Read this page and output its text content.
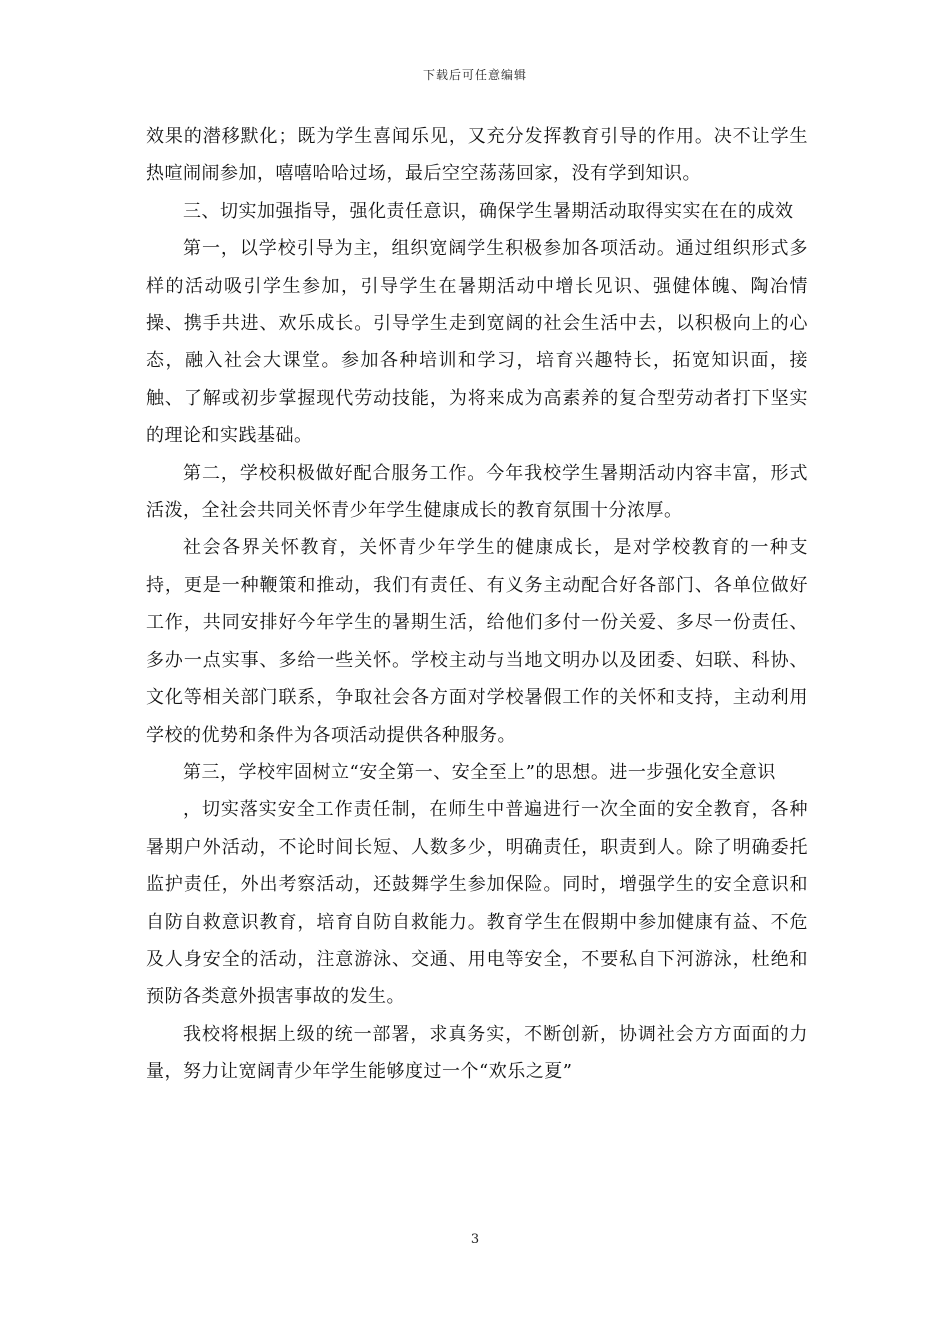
下载后可任意编辑

效果的潜移默化；既为学生喜闻乐见，又充分发挥教育引导的作用。决不让学生热喧闹闹参加，嘻嘻哈哈过场，最后空空荡荡回家，没有学到知识。

三、切实加强指导，强化责任意识，确保学生暑期活动取得实实在在的成效

第一，以学校引导为主，组织宽阔学生积极参加各项活动。通过组织形式多样的活动吸引学生参加，引导学生在暑期活动中增长见识、强健体魄、陶冶情操、携手共进、欢乐成长。引导学生走到宽阔的社会生活中去，以积极向上的心态，融入社会大课堂。参加各种培训和学习，培育兴趣特长，拓宽知识面，接触、了解或初步掌握现代劳动技能，为将来成为高素养的复合型劳动者打下坚实的理论和实践基础。

第二，学校积极做好配合服务工作。今年我校学生暑期活动内容丰富，形式活泼，全社会共同关怀青少年学生健康成长的教育氛围十分浓厚。

社会各界关怀教育，关怀青少年学生的健康成长，是对学校教育的一种支持，更是一种鞭策和推动，我们有责任、有义务主动配合好各部门、各单位做好工作，共同安排好今年学生的暑期生活，给他们多付一份关爱、多尽一份责任、多办一点实事、多给一些关怀。学校主动与当地文明办以及团委、妇联、科协、文化等相关部门联系，争取社会各方面对学校暑假工作的关怀和支持，主动利用学校的优势和条件为各项活动提供各种服务。

第三，学校牢固树立“安全第一、安全至上”的思想。进一步强化安全意识

，切实落实安全工作责任制，在师生中普遍进行一次全面的安全教育，各种暑期户外活动，不论时间长短、人数多少，明确责任，职责到人。除了明确委托监护责任，外出考察活动，还鼓舞学生参加保险。同时，增强学生的安全意识和自防自救意识教育，培育自防自救能力。教育学生在假期中参加健康有益、不危及人身安全的活动，注意游泳、交通、用电等安全，不要私自下河游泳，杜绝和预防各类意外损害事故的发生。

我校将根据上级的统一部署，求真务实，不断创新，协调社会方方面面的力量，努力让宽阔青少年学生能够度过一个“欢乐之夏”

3
